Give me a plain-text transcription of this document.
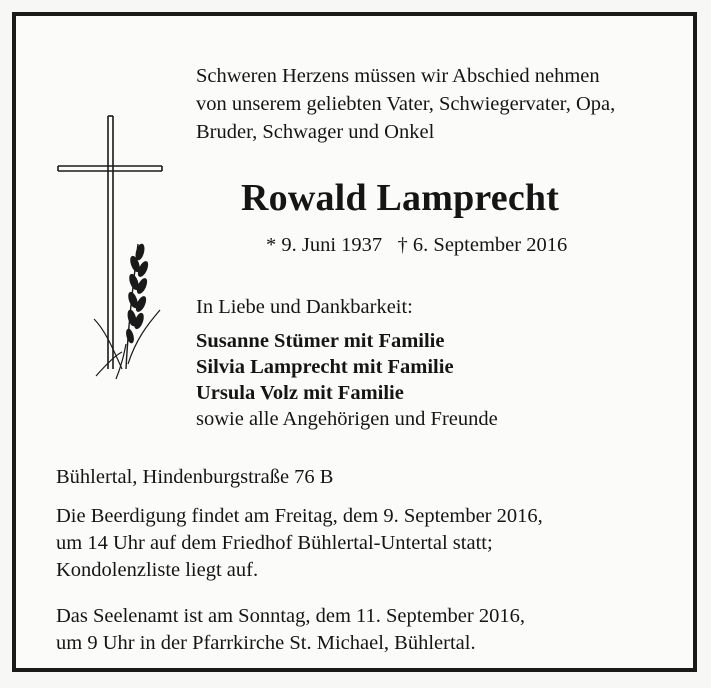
Schweren Herzens müssen wir Abschied nehmen
von unserem geliebten Vater, Schwiegervater, Opa,
Bruder, Schwager und Onkel
Rowald Lamprecht
* 9. Juni 1937   † 6. September 2016
In Liebe und Dankbarkeit:
Susanne Stümer mit Familie
Silvia Lamprecht mit Familie
Ursula Volz mit Familie
sowie alle Angehörigen und Freunde
Bühlertal, Hindenburgstraße 76 B
Die Beerdigung findet am Freitag, dem 9. September 2016,
um 14 Uhr auf dem Friedhof Bühlertal-Untertal statt;
Kondolenzliste liegt auf.
Das Seelenamt ist am Sonntag, dem 11. September 2016,
um 9 Uhr in der Pfarrkirche St. Michael, Bühlertal.
